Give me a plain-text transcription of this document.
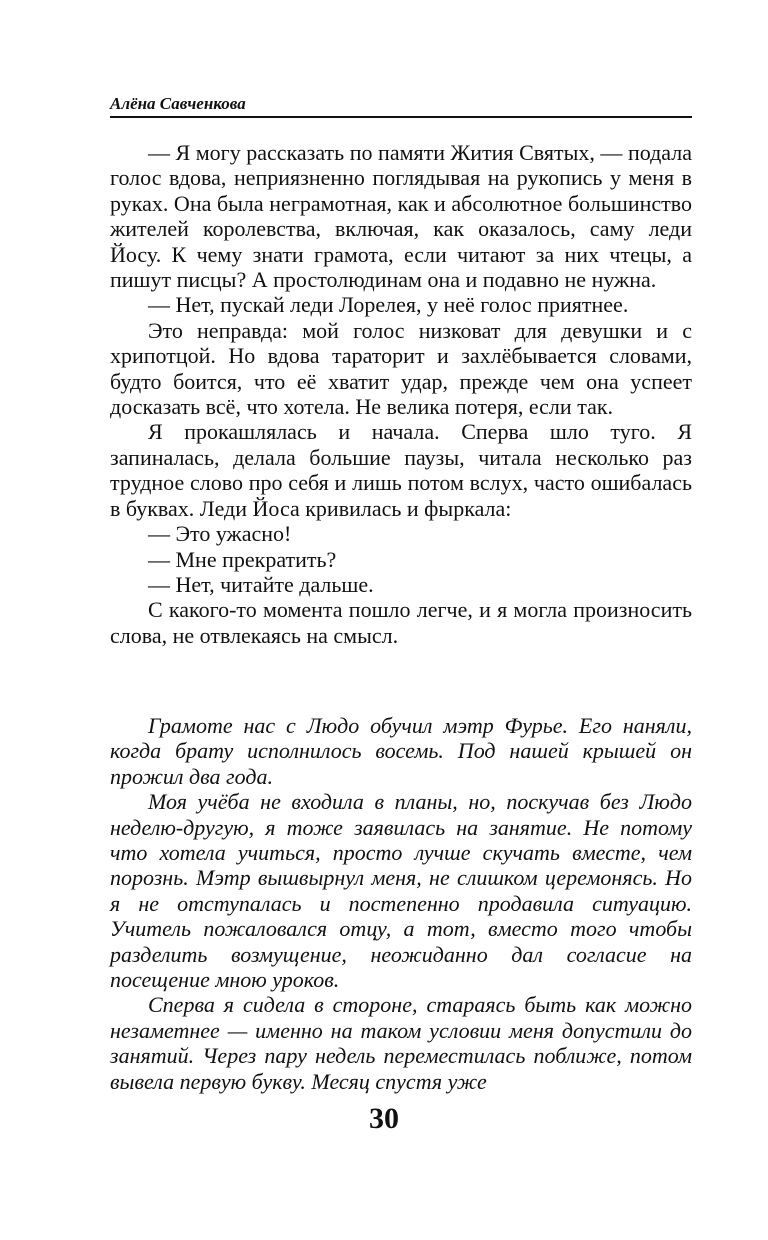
Алёна Савченкова

— Я могу рассказать по памяти Жития Святых, — подала голос вдова, неприязненно поглядывая на рукопись у меня в руках. Она была неграмотная, как и абсолютное большинство жителей королевства, включая, как оказалось, саму леди Йосу. К чему знати грамота, если читают за них чтецы, а пишут писцы? А простолюдинам она и подавно не нужна.

— Нет, пускай леди Лорелея, у неё голос приятнее.

Это неправда: мой голос низковат для девушки и с хрипотцой. Но вдова тараторит и захлёбывается словами, будто боится, что её хватит удар, прежде чем она успеет досказать всё, что хотела. Не велика потеря, если так.

Я прокашлялась и начала. Сперва шло туго. Я запиналась, делала большие паузы, читала несколько раз трудное слово про себя и лишь потом вслух, часто ошибалась в буквах. Леди Йоса кривилась и фыркала:

— Это ужасно!

— Мне прекратить?

— Нет, читайте дальше.

С какого-то момента пошло легче, и я могла произносить слова, не отвлекаясь на смысл.

Грамоте нас с Людо обучил мэтр Фурье. Его наняли, когда брату исполнилось восемь. Под нашей крышей он прожил два года.

Моя учёба не входила в планы, но, поскучав без Людо неделю-другую, я тоже заявилась на занятие. Не потому что хотела учиться, просто лучше скучать вместе, чем порознь. Мэтр вышвырнул меня, не слишком церемонясь. Но я не отступалась и постепенно продавила ситуацию. Учитель пожаловался отцу, а тот, вместо того чтобы разделить возмущение, неожиданно дал согласие на посещение мною уроков.

Сперва я сидела в стороне, стараясь быть как можно незаметнее — именно на таком условии меня допустили до занятий. Через пару недель переместилась поближе, потом вывела первую букву. Месяц спустя уже

30
